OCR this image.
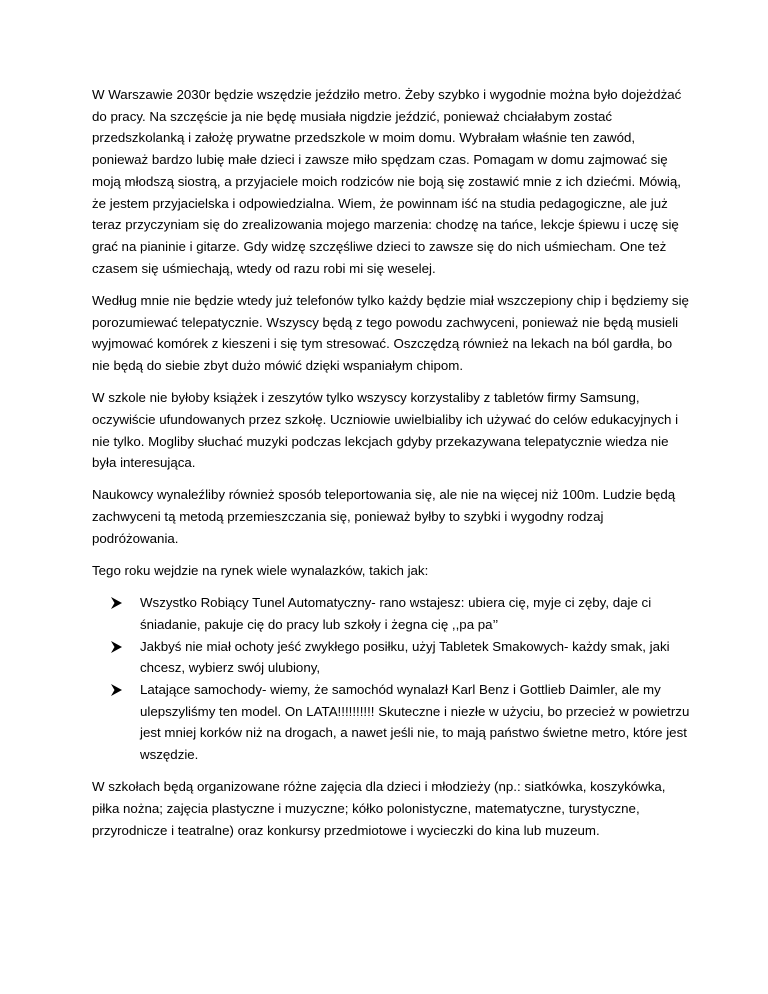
W Warszawie 2030r będzie wszędzie jeździło metro. Żeby szybko i wygodnie można było dojeżdżać do pracy. Na szczęście ja nie będę musiała nigdzie jeździć, ponieważ chciałabym zostać przedszkolanką i założę prywatne przedszkole w moim domu. Wybrałam właśnie ten zawód, ponieważ bardzo lubię małe dzieci i zawsze miło spędzam czas. Pomagam w domu zajmować się moją młodszą siostrą, a przyjaciele moich rodziców nie boją się zostawić mnie z ich dziećmi. Mówią, że jestem przyjacielska i odpowiedzialna. Wiem, że powinnam iść na studia pedagogiczne, ale już teraz przyczyniam się do zrealizowania mojego marzenia: chodzę na tańce, lekcje śpiewu i uczę się grać na pianinie i gitarze. Gdy widzę szczęśliwe dzieci to zawsze się do nich uśmiecham. One też czasem się uśmiechają, wtedy od razu robi mi się weselej.

Według mnie nie będzie wtedy już telefonów tylko każdy będzie miał wszczepiony chip i będziemy się porozumiewać telepatycznie. Wszyscy będą z tego powodu zachwyceni, ponieważ nie będą musieli wyjmować komórek z kieszeni i się tym stresować. Oszczędzą również na lekach na ból gardła, bo nie będą do siebie zbyt dużo mówić dzięki wspaniałym chipom.

W szkole nie byłoby książek i zeszytów tylko wszyscy korzystaliby z tabletów firmy Samsung, oczywiście ufundowanych przez szkołę. Uczniowie uwielbialiby ich używać do celów edukacyjnych i nie tylko. Mogliby słuchać muzyki podczas lekcjach gdyby przekazywana telepatycznie wiedza nie była interesująca.

Naukowcy wynaleźliby również sposób teleportowania się, ale nie na więcej niż 100m. Ludzie będą zachwyceni tą metodą przemieszczania się, ponieważ byłby to szybki i wygodny rodzaj podróżowania.

Tego roku wejdzie na rynek wiele wynalazków, takich jak:

Wszystko Robiący Tunel Automatyczny- rano wstajesz: ubiera cię, myje ci zęby, daje ci śniadanie, pakuje cię do pracy lub szkoły i żegna cię ,,pa pa’’
Jakbyś nie miał ochoty jeść zwykłego posiłku, użyj Tabletek Smakowych- każdy smak, jaki chcesz, wybierz swój ulubiony,
Latające samochody- wiemy, że samochód wynalazł Karl Benz i Gottlieb Daimler, ale my ulepszyliśmy ten model. On LATA!!!!!!!!!! Skuteczne i niezłe w użyciu, bo przecież w powietrzu jest mniej korków niż na drogach, a nawet jeśli nie, to mają państwo świetne metro, które jest wszędzie.

W szkołach będą organizowane różne zajęcia dla dzieci i młodzieży (np.: siatkówka, koszykówka, piłka nożna; zajęcia plastyczne i muzyczne; kółko polonistyczne, matematyczne, turystyczne, przyrodnicze i teatralne) oraz konkursy przedmiotowe i wycieczki do kina lub muzeum.
